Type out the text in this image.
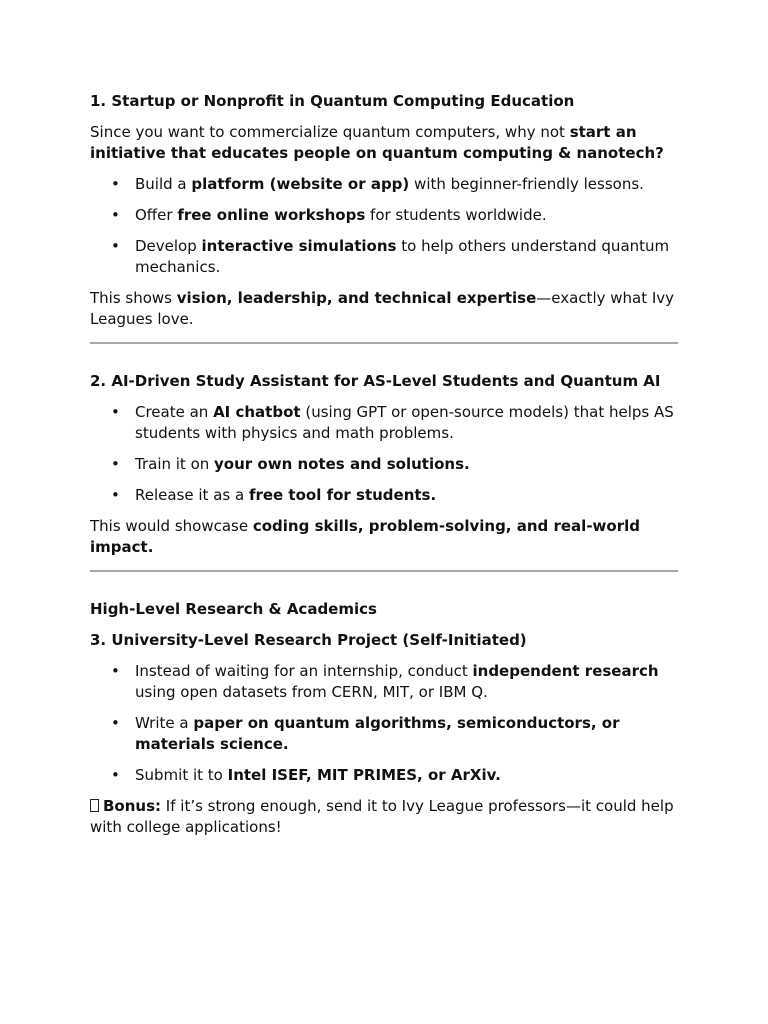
1. Startup or Nonprofit in Quantum Computing Education

Since you want to commercialize quantum computers, why not start an initiative that educates people on quantum computing & nanotech?

• Build a platform (website or app) with beginner-friendly lessons.
• Offer free online workshops for students worldwide.
• Develop interactive simulations to help others understand quantum mechanics.

This shows vision, leadership, and technical expertise—exactly what Ivy Leagues love.

2. AI-Driven Study Assistant for AS-Level Students and Quantum AI
• Create an AI chatbot (using GPT or open-source models) that helps AS students with physics and math problems.
• Train it on your own notes and solutions.
• Release it as a free tool for students.

This would showcase coding skills, problem-solving, and real-world impact.

High-Level Research & Academics
3. University-Level Research Project (Self-Initiated)
• Instead of waiting for an internship, conduct independent research using open datasets from CERN, MIT, or IBM Q.
• Write a paper on quantum algorithms, semiconductors, or materials science.
• Submit it to Intel ISEF, MIT PRIMES, or ArXiv.

Bonus: If it’s strong enough, send it to Ivy League professors—it could help with college applications!
